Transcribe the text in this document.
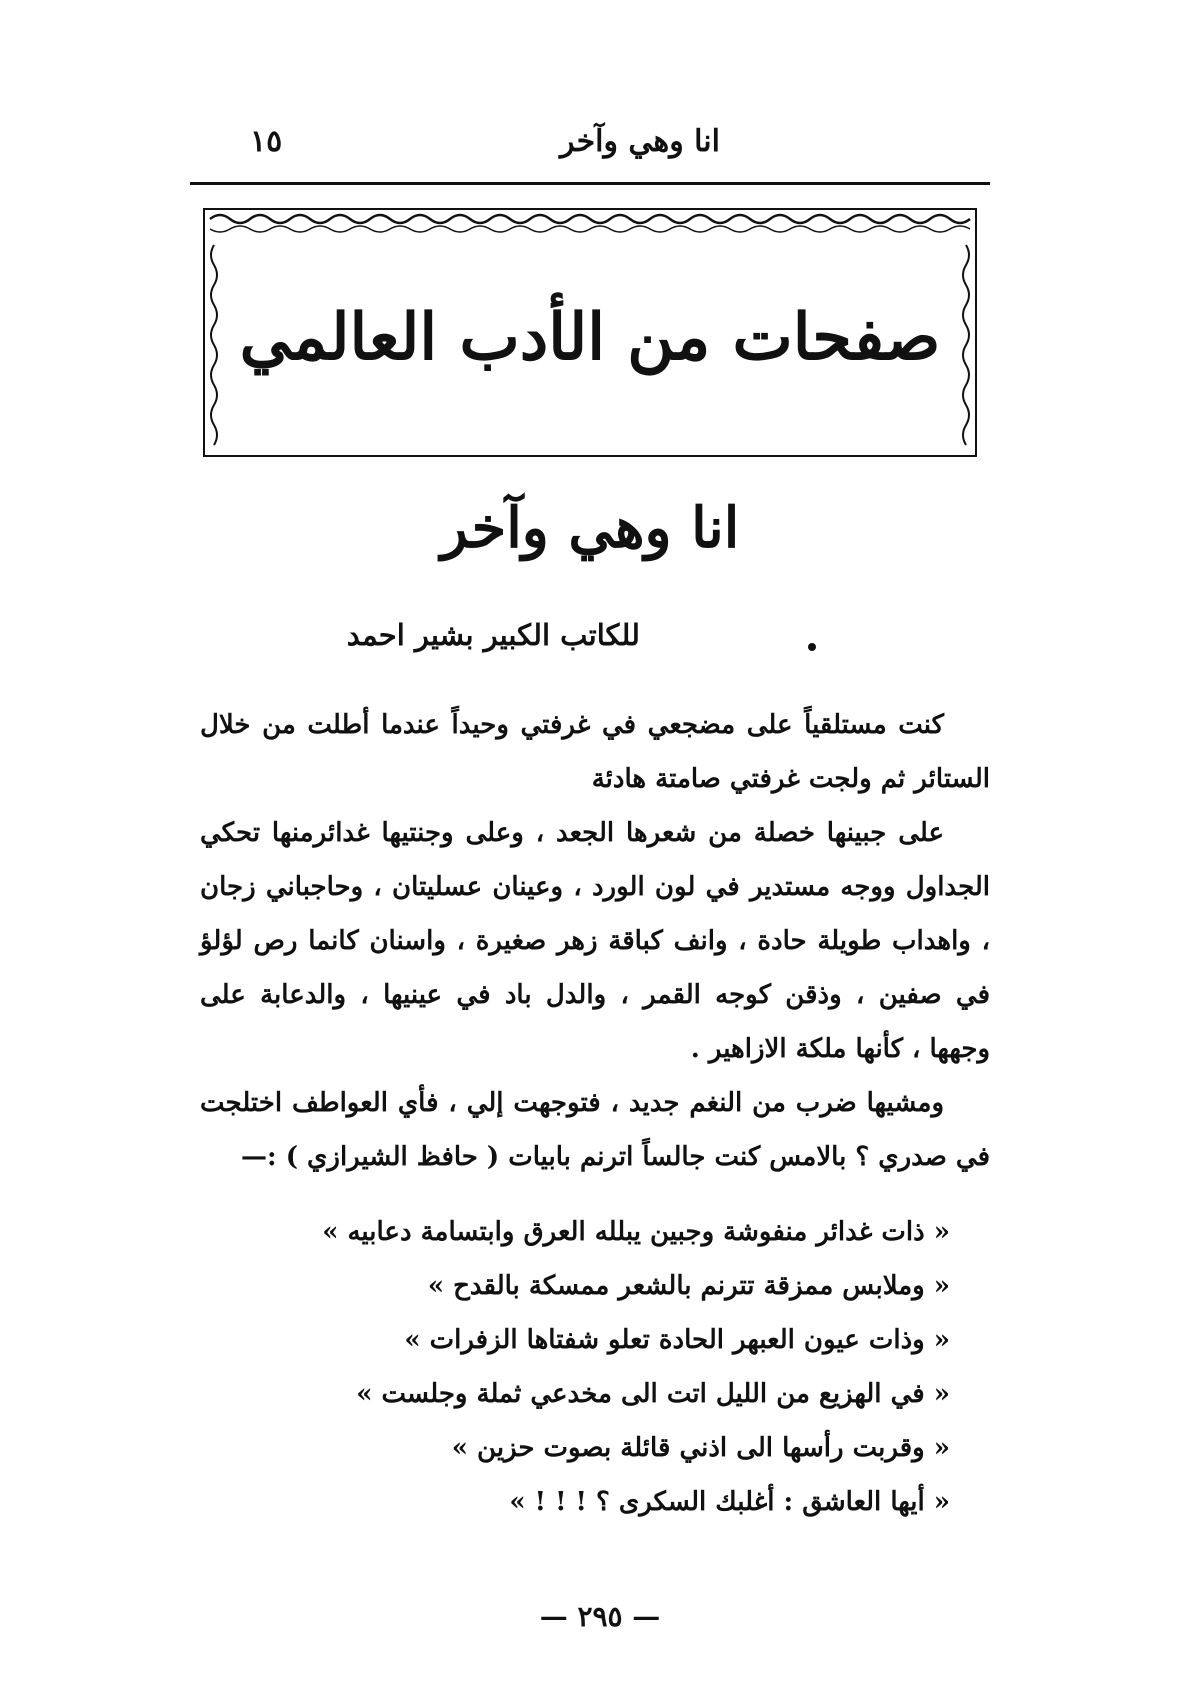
انا وهي وآخر
١٥
صفحات من الأدب العالمي
انا وهي وآخر
للكاتب الكبير بشير احمد

كنت مستلقياً على مضجعي في غرفتي وحيداً عندما أطلت من خلال الستائر ثم ولجت غرفتي صامتة هادئة

على جبينها خصلة من شعرها الجعد ، وعلى وجنتيها غدائرمنها تحكي الجداول ووجه مستدير في لون الورد ، وعينان عسليتان ، وحاجباني زجان ، واهداب طويلة حادة ، وانف كباقة زهر صغيرة ، واسنان كانما رص لؤلؤ في صفين ، وذقن كوجه القمر ، والدل باد في عينيها ، والدعابة على وجهها ، كأنها ملكة الازاهير .

ومشيها ضرب من النغم جديد ، فتوجهت إلي ، فأي العواطف اختلجت في صدري ؟ بالامس كنت جالساً اترنم بابيات ( حافظ الشيرازي ) :—

« ذات غدائر منفوشة وجبين يبلله العرق وابتسامة دعابيه »
« وملابس ممزقة تترنم بالشعر ممسكة بالقدح »
« وذات عيون العبهر الحادة تعلو شفتاها الزفرات »
« في الهزيع من الليل اتت الى مخدعي ثملة وجلست »
« وقربت رأسها الى اذني قائلة بصوت حزين »
« أيها العاشق : أغلبك السكرى ؟ ! ! ! »
— ٢٩٥ —
